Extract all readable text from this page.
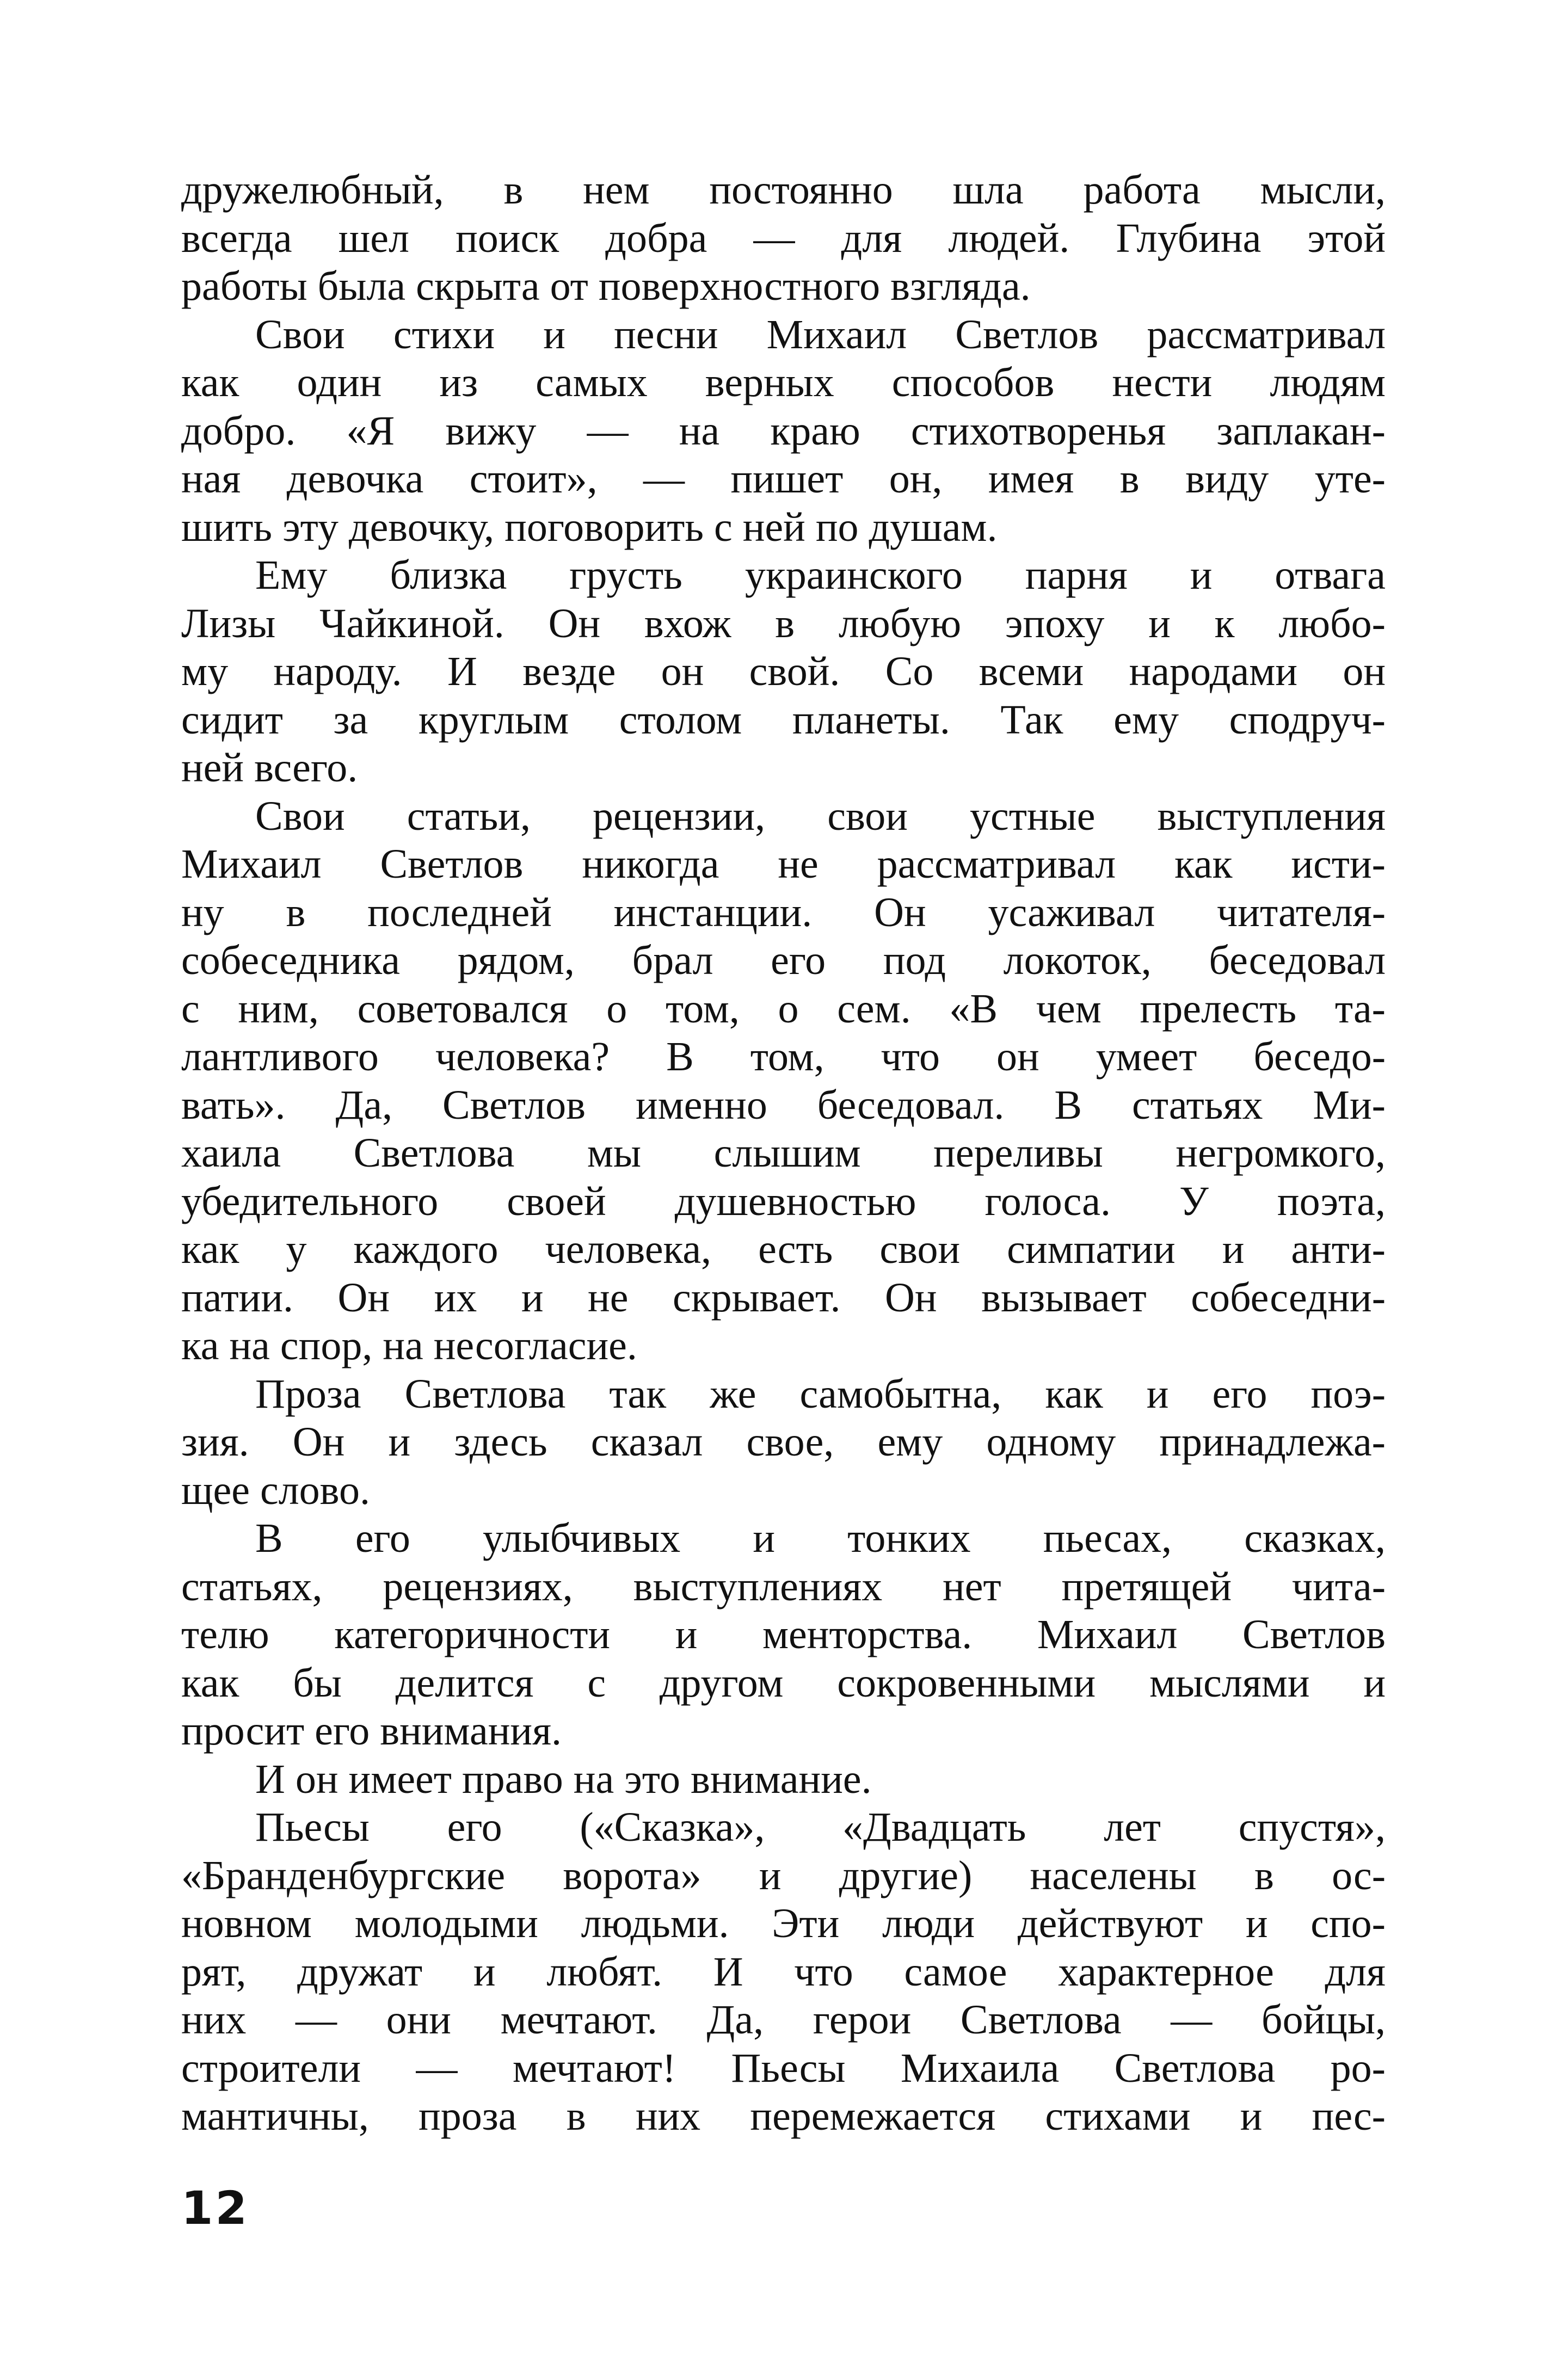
дружелюбный, в нем постоянно шла работа мысли,
всегда шел поиск добра — для людей. Глубина этой
работы была скрыта от поверхностного взгляда.
Свои стихи и песни Михаил Светлов рассматривал
как один из самых верных способов нести людям
добро. «Я вижу — на краю стихотворенья заплакан-
ная девочка стоит», — пишет он, имея в виду уте-
шить эту девочку, поговорить с ней по душам.
Ему близка грусть украинского парня и отвага
Лизы Чайкиной. Он вхож в любую эпоху и к любо-
му народу. И везде он свой. Со всеми народами он
сидит за круглым столом планеты. Так ему сподруч-
ней всего.
Свои статьи, рецензии, свои устные выступления
Михаил Светлов никогда не рассматривал как исти-
ну в последней инстанции. Он усаживал читателя-
собеседника рядом, брал его под локоток, беседовал
с ним, советовался о том, о сем. «В чем прелесть та-
лантливого человека? В том, что он умеет беседо-
вать». Да, Светлов именно беседовал. В статьях Ми-
хаила Светлова мы слышим переливы негромкого,
убедительного своей душевностью голоса. У поэта,
как у каждого человека, есть свои симпатии и анти-
патии. Он их и не скрывает. Он вызывает собеседни-
ка на спор, на несогласие.
Проза Светлова так же самобытна, как и его поэ-
зия. Он и здесь сказал свое, ему одному принадлежа-
щее слово.
В его улыбчивых и тонких пьесах, сказках,
статьях, рецензиях, выступлениях нет претящей чита-
телю категоричности и менторства. Михаил Светлов
как бы делится с другом сокровенными мыслями и
просит его внимания.
И он имеет право на это внимание.
Пьесы его («Сказка», «Двадцать лет спустя»,
«Бранденбургские ворота» и другие) населены в ос-
новном молодыми людьми. Эти люди действуют и спо-
рят, дружат и любят. И что самое характерное для
них — они мечтают. Да, герои Светлова — бойцы,
строители — мечтают! Пьесы Михаила Светлова ро-
мантичны, проза в них перемежается стихами и пес-
12
